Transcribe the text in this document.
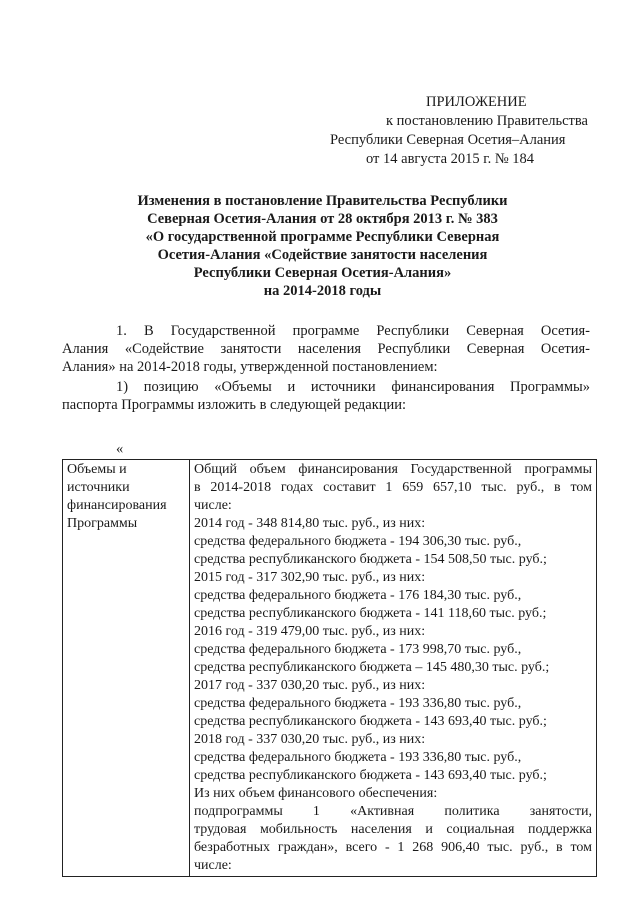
ПРИЛОЖЕНИЕ
к постановлению Правительства
Республики Северная Осетия–Алания
от 14 августа 2015 г. № 184
Изменения в постановление Правительства Республики
Северная Осетия-Алания от 28 октября 2013 г. № 383
«О государственной программе Республики Северная
Осетия-Алания «Содействие занятости населения
Республики Северная Осетия-Алания»
на 2014-2018 годы
1. В Государственной программе Республики Северная Осетия-
Алания «Содействие занятости населения Республики Северная Осетия-
Алания» на 2014-2018 годы, утвержденной постановлением:
1) позицию «Объемы и источники финансирования Программы»
паспорта Программы изложить в следующей редакции:
«
Объемы и
источники
финансирования
Программы

Общий объем финансирования Государственной программы
в 2014-2018 годах составит 1 659 657,10 тыс. руб., в том
числе:
2014 год - 348 814,80 тыс. руб., из них:
средства федерального бюджета - 194 306,30 тыс. руб.,
средства республиканского бюджета - 154 508,50 тыс. руб.;
2015 год - 317 302,90 тыс. руб., из них:
средства федерального бюджета - 176 184,30 тыс. руб.,
средства республиканского бюджета - 141 118,60 тыс. руб.;
2016 год - 319 479,00 тыс. руб., из них:
средства федерального бюджета - 173 998,70 тыс. руб.,
средства республиканского бюджета – 145 480,30 тыс. руб.;
2017 год - 337 030,20 тыс. руб., из них:
средства федерального бюджета - 193 336,80 тыс. руб.,
средства республиканского бюджета - 143 693,40 тыс. руб.;
2018 год - 337 030,20 тыс. руб., из них:
средства федерального бюджета - 193 336,80 тыс. руб.,
средства республиканского бюджета - 143 693,40 тыс. руб.;
Из них объем финансового обеспечения:
подпрограммы 1 «Активная политика занятости,
трудовая мобильность населения и социальная поддержка
безработных граждан», всего - 1 268 906,40 тыс. руб., в том
числе:
